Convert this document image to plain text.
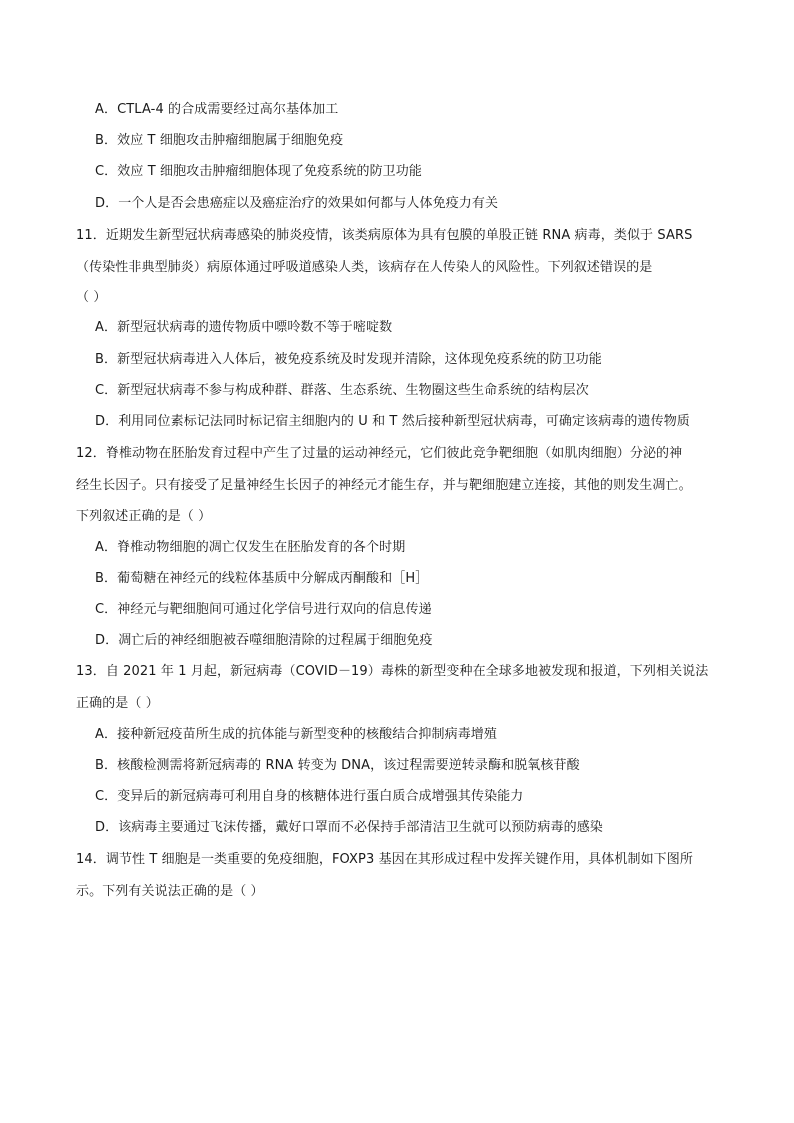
A．CTLA-4 的合成需要经过高尔基体加工
B．效应 T 细胞攻击肿瘤细胞属于细胞免疫
C．效应 T 细胞攻击肿瘤细胞体现了免疫系统的防卫功能
D．一个人是否会患癌症以及癌症治疗的效果如何都与人体免疫力有关
11．近期发生新型冠状病毒感染的肺炎疫情，该类病原体为具有包膜的单股正链 RNA 病毒，类似于 SARS
（传染性非典型肺炎）病原体通过呼吸道感染人类，该病存在人传染人的风险性。下列叙述错误的是
（ ）
A．新型冠状病毒的遗传物质中嘌呤数不等于嘧啶数
B．新型冠状病毒进入人体后，被免疫系统及时发现并清除，这体现免疫系统的防卫功能
C．新型冠状病毒不参与构成种群、群落、生态系统、生物圈这些生命系统的结构层次
D．利用同位素标记法同时标记宿主细胞内的 U 和 T 然后接种新型冠状病毒，可确定该病毒的遗传物质
12．脊椎动物在胚胎发育过程中产生了过量的运动神经元，它们彼此竞争靶细胞（如肌肉细胞）分泌的神
经生长因子。只有接受了足量神经生长因子的神经元才能生存，并与靶细胞建立连接，其他的则发生凋亡。
下列叙述正确的是（ ）
A．脊椎动物细胞的凋亡仅发生在胚胎发育的各个时期
B．葡萄糖在神经元的线粒体基质中分解成丙酮酸和［H］
C．神经元与靶细胞间可通过化学信号进行双向的信息传递
D．凋亡后的神经细胞被吞噬细胞清除的过程属于细胞免疫
13．自 2021 年 1 月起，新冠病毒（COVID－19）毒株的新型变种在全球多地被发现和报道，下列相关说法
正确的是（ ）
A．接种新冠疫苗所生成的抗体能与新型变种的核酸结合抑制病毒增殖
B．核酸检测需将新冠病毒的 RNA 转变为 DNA，该过程需要逆转录酶和脱氧核苷酸
C．变异后的新冠病毒可利用自身的核糖体进行蛋白质合成增强其传染能力
D．该病毒主要通过飞沫传播，戴好口罩而不必保持手部清洁卫生就可以预防病毒的感染
14．调节性 T 细胞是一类重要的免疫细胞，FOXP3 基因在其形成过程中发挥关键作用，具体机制如下图所
示。下列有关说法正确的是（ ）
